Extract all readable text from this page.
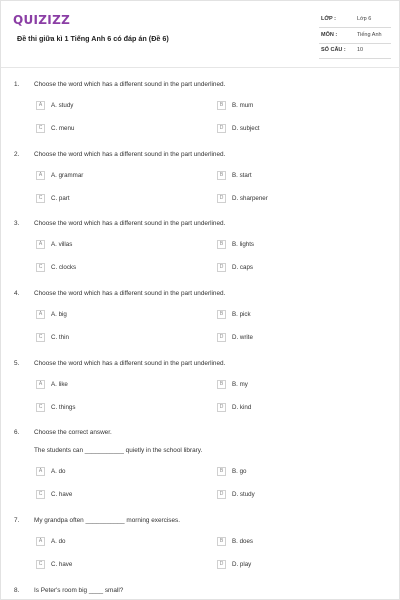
QUIZIZZ
Đề thi giữa kì 1 Tiếng Anh 6 có đáp án (Đề 6)
LỚP :	Lớp 6
MÔN :	Tiếng Anh
SỐ CÂU : 10
1. Choose the word which has a different sound in the part underlined.
A	A. study	B	B. mum
C	C. menu	D	D. subject
2. Choose the word which has a different sound in the part underlined.
A	A. grammar	B	B. start
C	C. part	D	D. sharpener
3. Choose the word which has a different sound in the part underlined.
A	A. villas	B	B. lights
C	C. clocks	D	D. caps
4. Choose the word which has a different sound in the part underlined.
A	A. big	B	B. pick
C	C. thin	D	D. write
5. Choose the word which has a different sound in the part underlined.
A	A. like	B	B. my
C	C. things	D	D. kind
6. Choose the correct answer.
The students can ___________ quietly in the school library.
A	A. do	B	B. go
C	C. have	D	D. study
7. My grandpa often ___________ morning exercises.
A	A. do	B	B. does
C	C. have	D	D. play
8. Is Peter's room big ____ small?
